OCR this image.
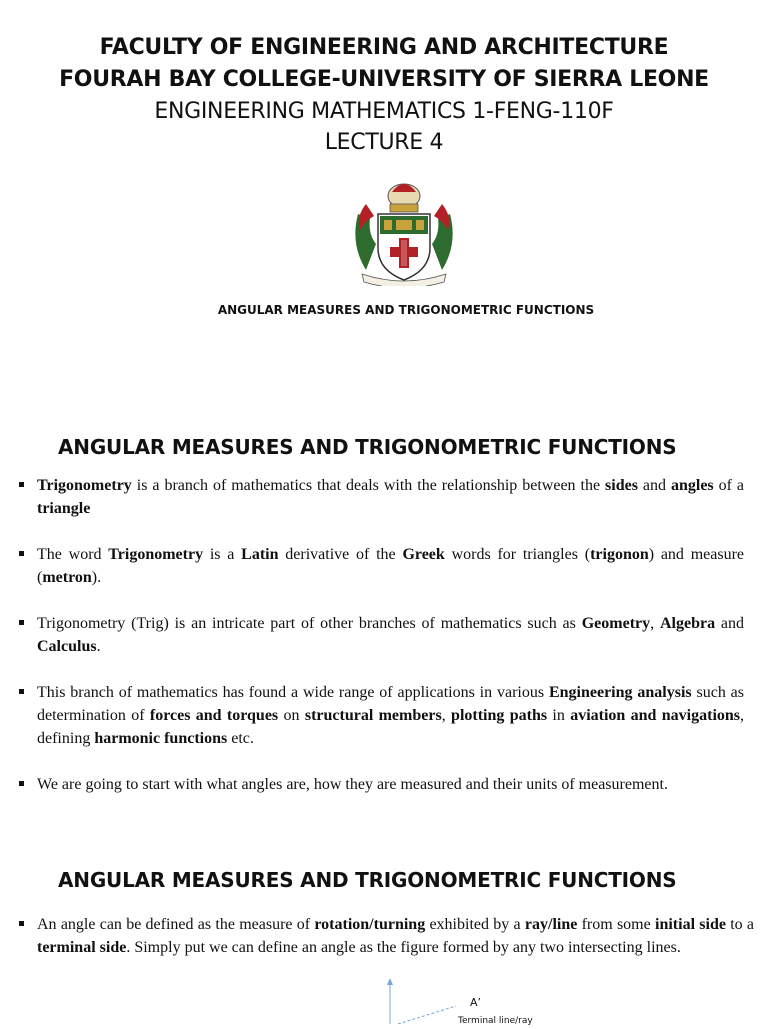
FACULTY OF ENGINEERING AND ARCHITECTURE
FOURAH BAY COLLEGE-UNIVERSITY OF SIERRA LEONE
ENGINEERING MATHEMATICS 1-FENG-110F
LECTURE 4
ANGULAR MEASURES AND TRIGONOMETRIC FUNCTIONS
ANGULAR MEASURES AND TRIGONOMETRIC FUNCTIONS
Trigonometry is a branch of mathematics that deals with the relationship between the sides and angles of a triangle
The word Trigonometry is a Latin derivative of the Greek words for triangles (trigonon) and measure (metron).
Trigonometry (Trig) is an intricate part of other branches of mathematics such as Geometry, Algebra and Calculus.
This branch of mathematics has found a wide range of applications in various Engineering analysis such as determination of forces and torques on structural members, plotting paths in aviation and navigations, defining harmonic functions etc.
We are going to start with what angles are, how they are measured and their units of measurement.
ANGULAR MEASURES AND TRIGONOMETRIC FUNCTIONS
An angle can be defined as the measure of rotation/turning exhibited by a ray/line from some initial side to a terminal side. Simply put we can define an angle as the figure formed by any two intersecting lines.
A’
Terminal line/ray
